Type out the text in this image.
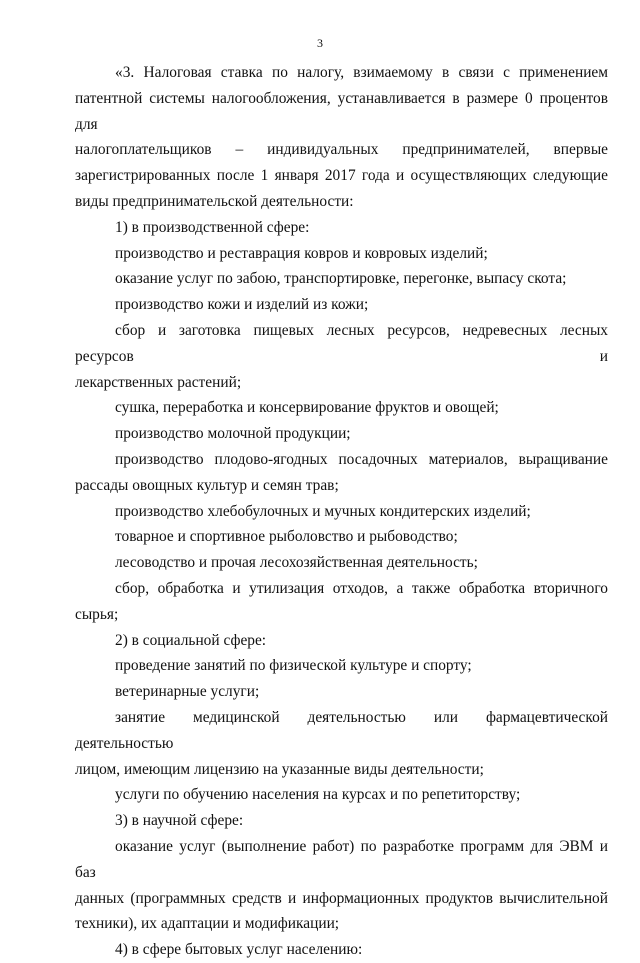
3

«3. Налоговая ставка по налогу, взимаемому в связи с применением

патентной системы налогообложения, устанавливается в размере 0 процентов для

налогоплательщиков – индивидуальных предпринимателей, впервые

зарегистрированных после 1 января 2017 года и осуществляющих следующие

виды предпринимательской деятельности:

1) в производственной сфере:

производство и реставрация ковров и ковровых изделий;

оказание услуг по забою, транспортировке, перегонке, выпасу скота;

производство кожи и изделий из кожи;

сбор и заготовка пищевых лесных ресурсов, недревесных лесных ресурсов и

лекарственных растений;

сушка, переработка и консервирование фруктов и овощей;

производство молочной продукции;

производство плодово-ягодных посадочных материалов, выращивание

рассады овощных культур и семян трав;

производство хлебобулочных и мучных кондитерских изделий;

товарное и спортивное рыболовство и рыбоводство;

лесоводство и прочая лесохозяйственная деятельность;

сбор, обработка и утилизация отходов, а также обработка вторичного сырья;

2) в социальной сфере:

проведение занятий по физической культуре и спорту;

ветеринарные услуги;

занятие медицинской деятельностью или фармацевтической деятельностью

лицом, имеющим лицензию на указанные виды деятельности;

услуги по обучению населения на курсах и по репетиторству;

3) в научной сфере:

оказание услуг (выполнение работ) по разработке программ для ЭВМ и баз

данных (программных средств и информационных продуктов вычислительной

техники), их адаптации и модификации;

4) в сфере бытовых услуг населению:
